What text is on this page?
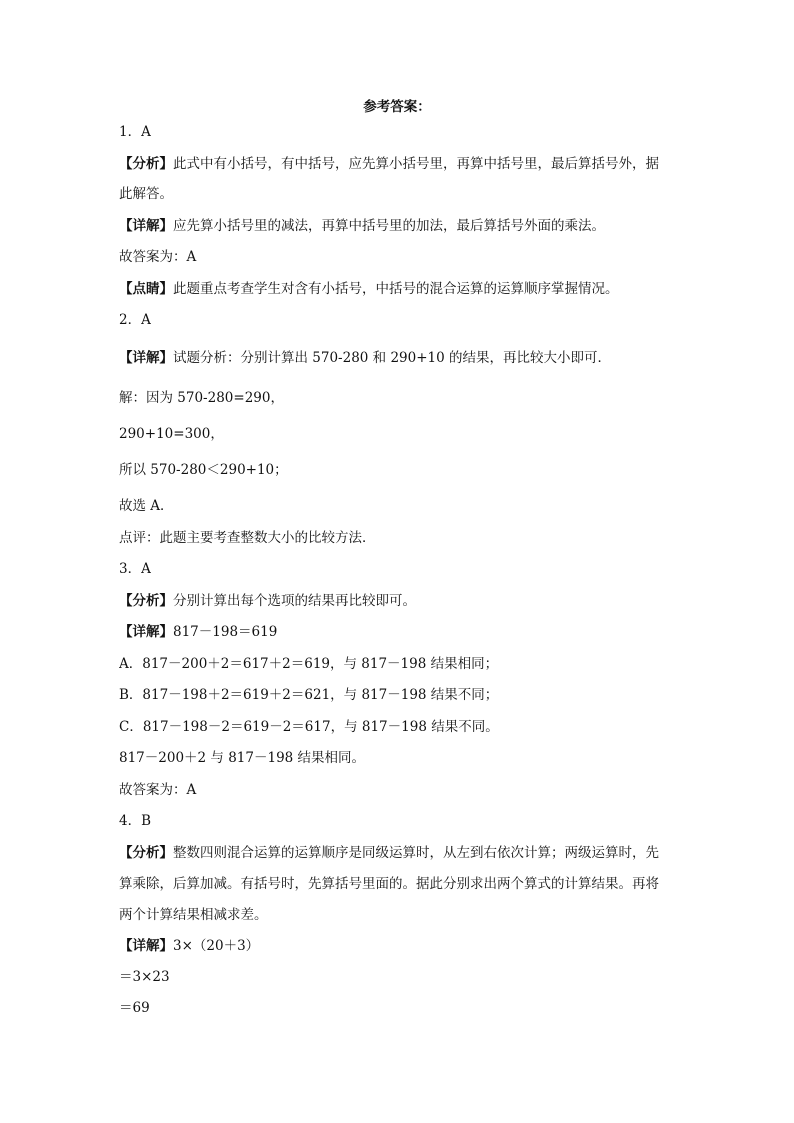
参考答案：
1．A
【分析】此式中有小括号，有中括号，应先算小括号里，再算中括号里，最后算括号外，据
此解答。
【详解】应先算小括号里的减法，再算中括号里的加法，最后算括号外面的乘法。
故答案为：A
【点睛】此题重点考查学生对含有小括号，中括号的混合运算的运算顺序掌握情况。
2．A
【详解】试题分析：分别计算出 570-280 和 290+10 的结果，再比较大小即可．
解：因为 570-280=290，
290+10=300，
所以 570-280＜290+10；
故选 A．
点评：此题主要考查整数大小的比较方法．
3．A
【分析】分别计算出每个选项的结果再比较即可。
【详解】817－198＝619
A．817－200＋2＝617＋2＝619，与 817－198 结果相同；
B．817－198＋2＝619＋2＝621，与 817－198 结果不同；
C．817－198－2＝619－2＝617，与 817－198 结果不同。
817－200＋2 与 817－198 结果相同。
故答案为：A
4．B
【分析】整数四则混合运算的运算顺序是同级运算时，从左到右依次计算；两级运算时，先
算乘除，后算加减。有括号时，先算括号里面的。据此分别求出两个算式的计算结果。再将
两个计算结果相减求差。
【详解】3×（20＋3）
＝3×23
＝69
